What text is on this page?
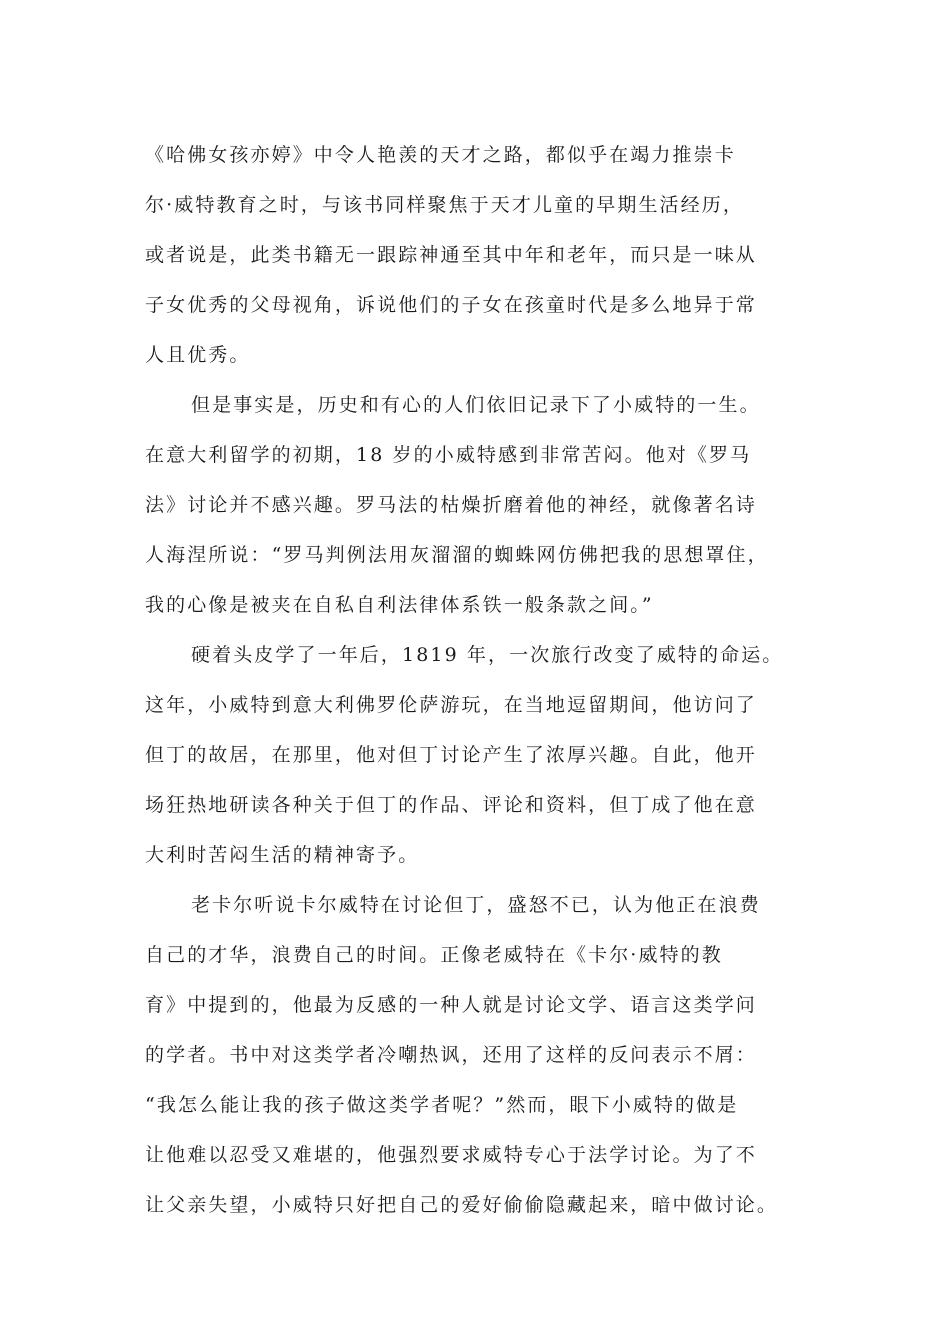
《哈佛女孩亦婷》中令人艳羡的天才之路，都似乎在竭力推崇卡
尔·威特教育之时，与该书同样聚焦于天才儿童的早期生活经历，
或者说是，此类书籍无一跟踪神通至其中年和老年，而只是一味从
子女优秀的父母视角，诉说他们的子女在孩童时代是多么地异于常
人且优秀。
但是事实是，历史和有心的人们依旧记录下了小威特的一生。
在意大利留学的初期，18 岁的小威特感到非常苦闷。他对《罗马
法》讨论并不感兴趣。罗马法的枯燥折磨着他的神经，就像著名诗
人海涅所说：“罗马判例法用灰溜溜的蜘蛛网仿佛把我的思想罩住，
我的心像是被夹在自私自利法律体系铁一般条款之间。”
硬着头皮学了一年后，1819 年，一次旅行改变了威特的命运。
这年，小威特到意大利佛罗伦萨游玩，在当地逗留期间，他访问了
但丁的故居，在那里，他对但丁讨论产生了浓厚兴趣。自此，他开
场狂热地研读各种关于但丁的作品、评论和资料，但丁成了他在意
大利时苦闷生活的精神寄予。
老卡尔听说卡尔威特在讨论但丁，盛怒不已，认为他正在浪费
自己的才华，浪费自己的时间。正像老威特在《卡尔·威特的教
育》中提到的，他最为反感的一种人就是讨论文学、语言这类学问
的学者。书中对这类学者冷嘲热讽，还用了这样的反问表示不屑：
“我怎么能让我的孩子做这类学者呢？”然而，眼下小威特的做是
让他难以忍受又难堪的，他强烈要求威特专心于法学讨论。为了不
让父亲失望，小威特只好把自己的爱好偷偷隐藏起来，暗中做讨论。
